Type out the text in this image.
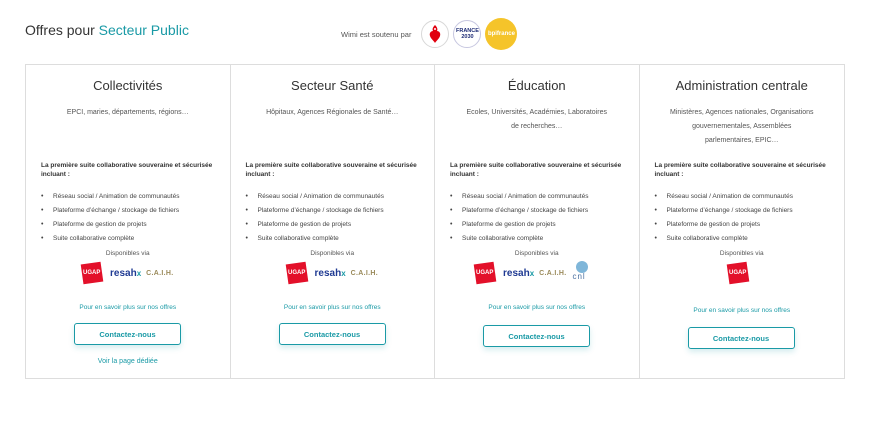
Offres pour Secteur Public	Wimi est soutenu par	FRANCE 2030	bpifrance
Collectivités
EPCI, maries, départements, régions…
La première suite collaborative souveraine et sécurisée incluant :
• Réseau social / Animation de communautés
• Plateforme d’échange / stockage de fichiers
• Plateforme de gestion de projets
• Suite collaborative complète
Disponibles via
UGAP resahx C.A.I.H.
Pour en savoir plus sur nos offres
Contactez-nous
Voir la page dédiée
Secteur Santé
Hôpitaux, Agences Régionales de Santé…
La première suite collaborative souveraine et sécurisée incluant :
• Réseau social / Animation de communautés
• Plateforme d’échange / stockage de fichiers
• Plateforme de gestion de projets
• Suite collaborative complète
Disponibles via
UGAP resahx C.A.I.H.
Pour en savoir plus sur nos offres
Contactez-nous
Éducation
Ecoles, Universités, Académies, Laboratoires de recherches…
La première suite collaborative souveraine et sécurisée incluant :
• Réseau social / Animation de communautés
• Plateforme d’échange / stockage de fichiers
• Plateforme de gestion de projets
• Suite collaborative complète
Disponibles via
UGAP resahx C.A.I.H. cnl
Pour en savoir plus sur nos offres
Contactez-nous
Administration centrale
Ministères, Agences nationales, Organisations gouvernementales, Assemblées parlementaires, EPIC…
La première suite collaborative souveraine et sécurisée incluant :
• Réseau social / Animation de communautés
• Plateforme d’échange / stockage de fichiers
• Plateforme de gestion de projets
• Suite collaborative complète
Disponibles via
UGAP
Pour en savoir plus sur nos offres
Contactez-nous
